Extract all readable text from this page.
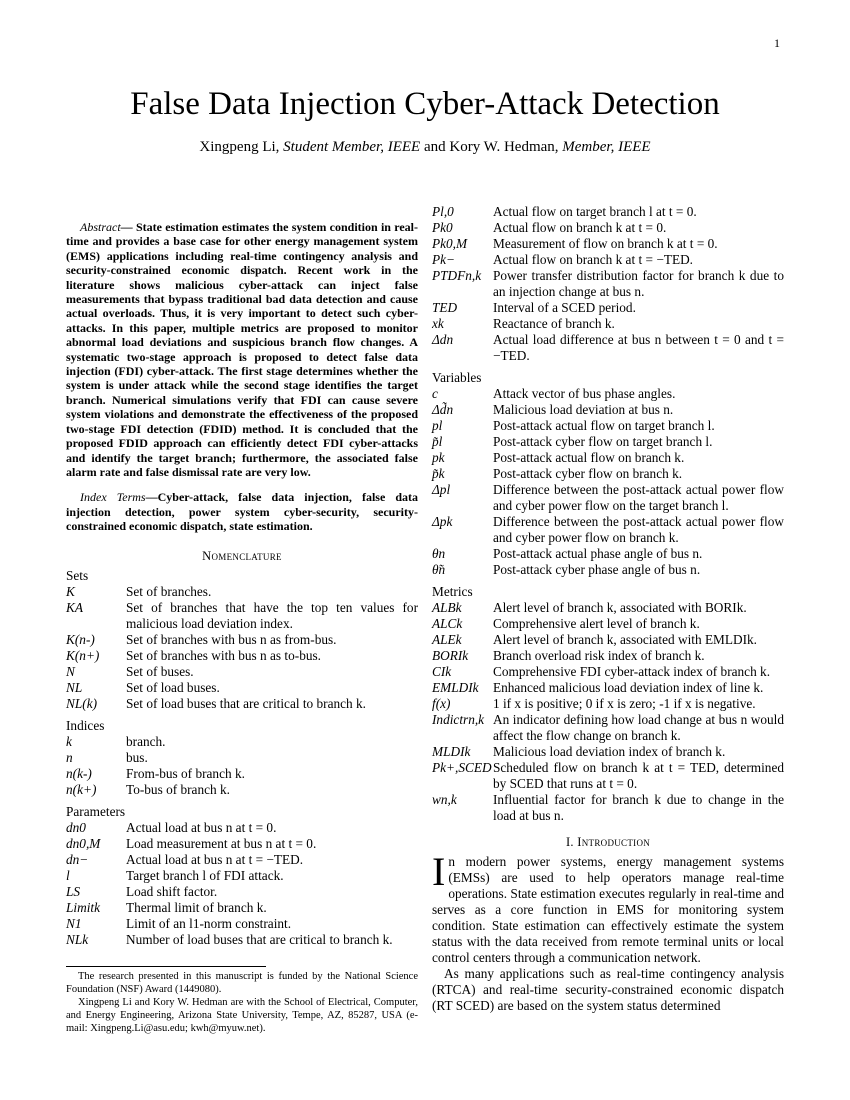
1
False Data Injection Cyber-Attack Detection
Xingpeng Li, Student Member, IEEE and Kory W. Hedman, Member, IEEE

Abstract— State estimation estimates the system condition in real-time and provides a base case for other energy management system (EMS) applications including real-time contingency analysis and security-constrained economic dispatch. Recent work in the literature shows malicious cyber-attack can inject false measurements that bypass traditional bad data detection and cause actual overloads. Thus, it is very important to detect such cyber-attacks. In this paper, multiple metrics are proposed to monitor abnormal load deviations and suspicious branch flow changes. A systematic two-stage approach is proposed to detect false data injection (FDI) cyber-attack. The first stage determines whether the system is under attack while the second stage identifies the target branch. Numerical simulations verify that FDI can cause severe system violations and demonstrate the effectiveness of the proposed two-stage FDI detection (FDID) method. It is concluded that the proposed FDID approach can efficiently detect FDI cyber-attacks and identify the target branch; furthermore, the associated false alarm rate and false dismissal rate are very low.

Index Terms—Cyber-attack, false data injection, false data injection detection, power system cyber-security, security-constrained economic dispatch, state estimation.

Nomenclature
Sets
K	Set of branches.
KA	Set of branches that have the top ten values for malicious load deviation index.
K(n-)	Set of branches with bus n as from-bus.
K(n+)	Set of branches with bus n as to-bus.
N	Set of buses.
NL	Set of load buses.
NL(k)	Set of load buses that are critical to branch k.
Indices
k	branch.
n	bus.
n(k-)	From-bus of branch k.
n(k+)	To-bus of branch k.
Parameters
dn0	Actual load at bus n at t = 0.
dn0,M	Load measurement at bus n at t = 0.
dn−	Actual load at bus n at t = −TED.
l	Target branch l of FDI attack.
LS	Load shift factor.
Limitk	Thermal limit of branch k.
N1	Limit of an l1-norm constraint.
NLk	Number of load buses that are critical to branch k.

The research presented in this manuscript is funded by the National Science Foundation (NSF) Award (1449080).

Xingpeng Li and Kory W. Hedman are with the School of Electrical, Computer, and Energy Engineering, Arizona State University, Tempe, AZ, 85287, USA (e-mail: Xingpeng.Li@asu.edu; kwh@myuw.net).

Pl,0	Actual flow on target branch l at t = 0.
Pk0	Actual flow on branch k at t = 0.
Pk0,M	Measurement of flow on branch k at t = 0.
Pk−	Actual flow on branch k at t = −TED.
PTDFn,k Power transfer distribution factor for branch k due to an injection change at bus n.
TED	Interval of a SCED period.
xk	Reactance of branch k.
Δdn	Actual load difference at bus n between t = 0 and t = −TED.
Variables
c	Attack vector of bus phase angles.
Δd̃n	Malicious load deviation at bus n.
pl	Post-attack actual flow on target branch l.
p̃l	Post-attack cyber flow on target branch l.
pk	Post-attack actual flow on branch k.
p̃k	Post-attack cyber flow on branch k.
Δpl	Difference between the post-attack actual power flow and cyber power flow on the target branch l.
Δpk	Difference between the post-attack actual power flow and cyber power flow on branch k.
θn	Post-attack actual phase angle of bus n.
θ̃n	Post-attack cyber phase angle of bus n.
Metrics
ALBk	Alert level of branch k, associated with BORIk.
ALCk	Comprehensive alert level of branch k.
ALEk	Alert level of branch k, associated with EMLDIk.
BORIk	Branch overload risk index of branch k.
CIk	Comprehensive FDI cyber-attack index of branch k.
EMLDIk	Enhanced malicious load deviation index of line k.
f(x)	1 if x is positive; 0 if x is zero; -1 if x is negative.
Indictrn,k An indicator defining how load change at bus n would affect the flow change on branch k.
MLDIk	Malicious load deviation index of branch k.
Pk+,SCED Scheduled flow on branch k at t = TED, determined by SCED that runs at t = 0.
wn,k	Influential factor for branch k due to change in the load at bus n.
I. Introduction

In modern power systems, energy management systems (EMSs) are used to help operators manage real-time operations. State estimation executes regularly in real-time and serves as a core function in EMS for monitoring system condition. State estimation can effectively estimate the system status with the data received from remote terminal units or local control centers through a communication network.

As many applications such as real-time contingency analysis (RTCA) and real-time security-constrained economic dispatch (RT SCED) are based on the system status determined
